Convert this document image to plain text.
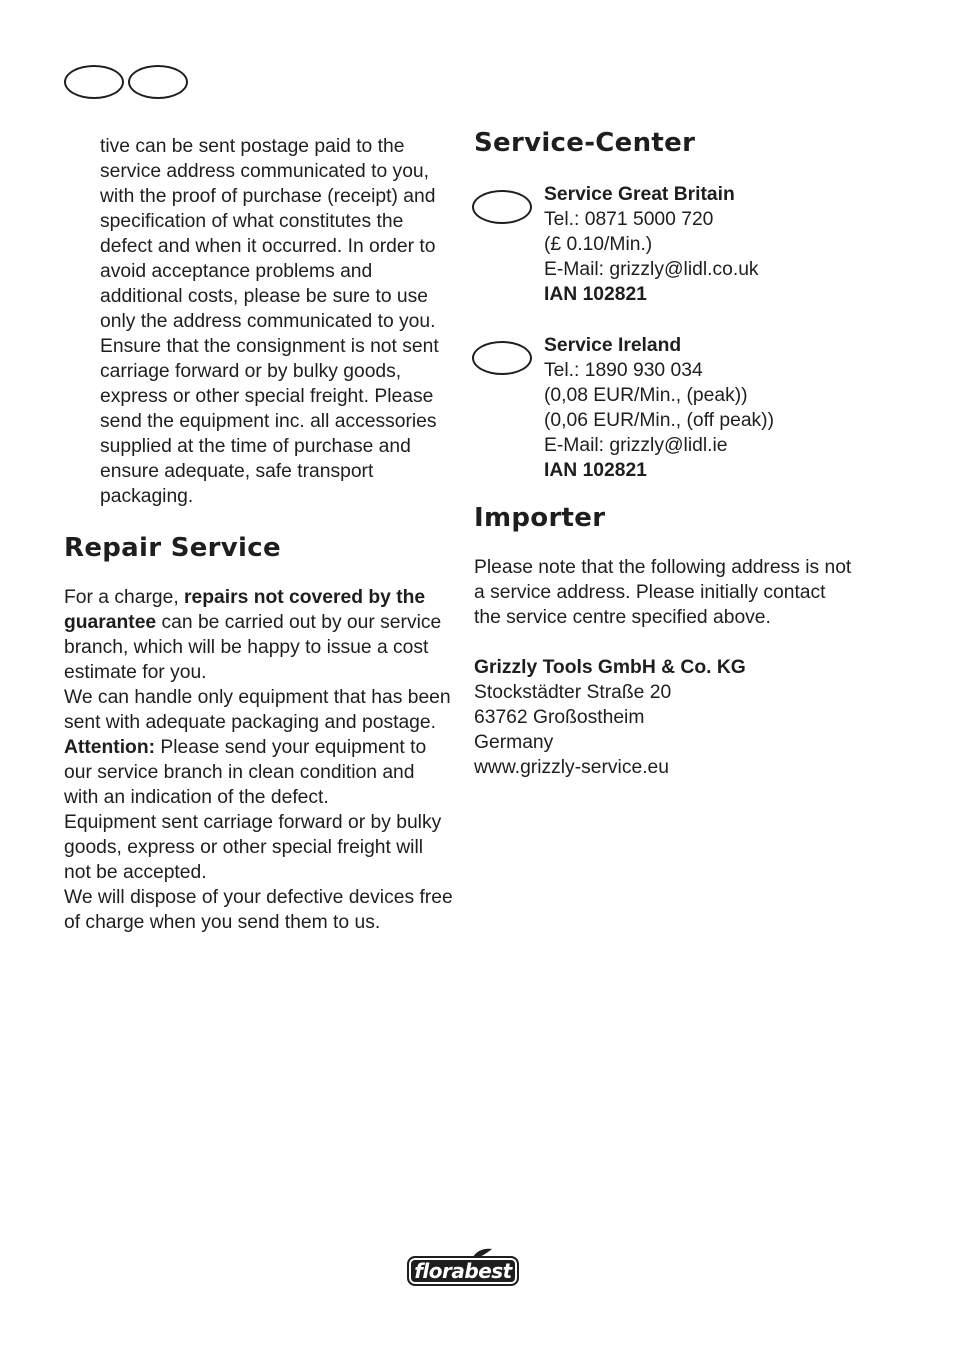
tive can be sent postage paid to the service address communicated to you, with the proof of purchase (receipt) and specification of what constitutes the defect and when it occurred. In order to avoid acceptance problems and additional costs, please be sure to use only the address communicated to you. Ensure that the consignment is not sent carriage forward or by bulky goods, express or other special freight. Please send the equipment inc. all accessories supplied at the time of purchase and ensure adequate, safe transport packaging.

Repair Service

For a charge, repairs not covered by the guarantee can be carried out by our service branch, which will be happy to issue a cost estimate for you.

We can handle only equipment that has been sent with adequate packaging and postage.

Attention: Please send your equipment to our service branch in clean condition and with an indication of the defect.

Equipment sent carriage forward or by bulky goods, express or other special freight will not be accepted.

We will dispose of your defective devices free of charge when you send them to us.

Service-Center

Service Great Britain

Tel.: 0871 5000 720

(£ 0.10/Min.)

E-Mail: grizzly@lidl.co.uk

IAN 102821

Service Ireland

Tel.: 1890 930 034

(0,08 EUR/Min., (peak))

(0,06 EUR/Min., (off peak))

E-Mail: grizzly@lidl.ie

IAN 102821

Importer

Please note that the following address is not a service address. Please initially contact the service centre specified above.

Grizzly Tools GmbH & Co. KG

Stockstädter Straße 20

63762 Großostheim

Germany

www.grizzly-service.eu

florabest
